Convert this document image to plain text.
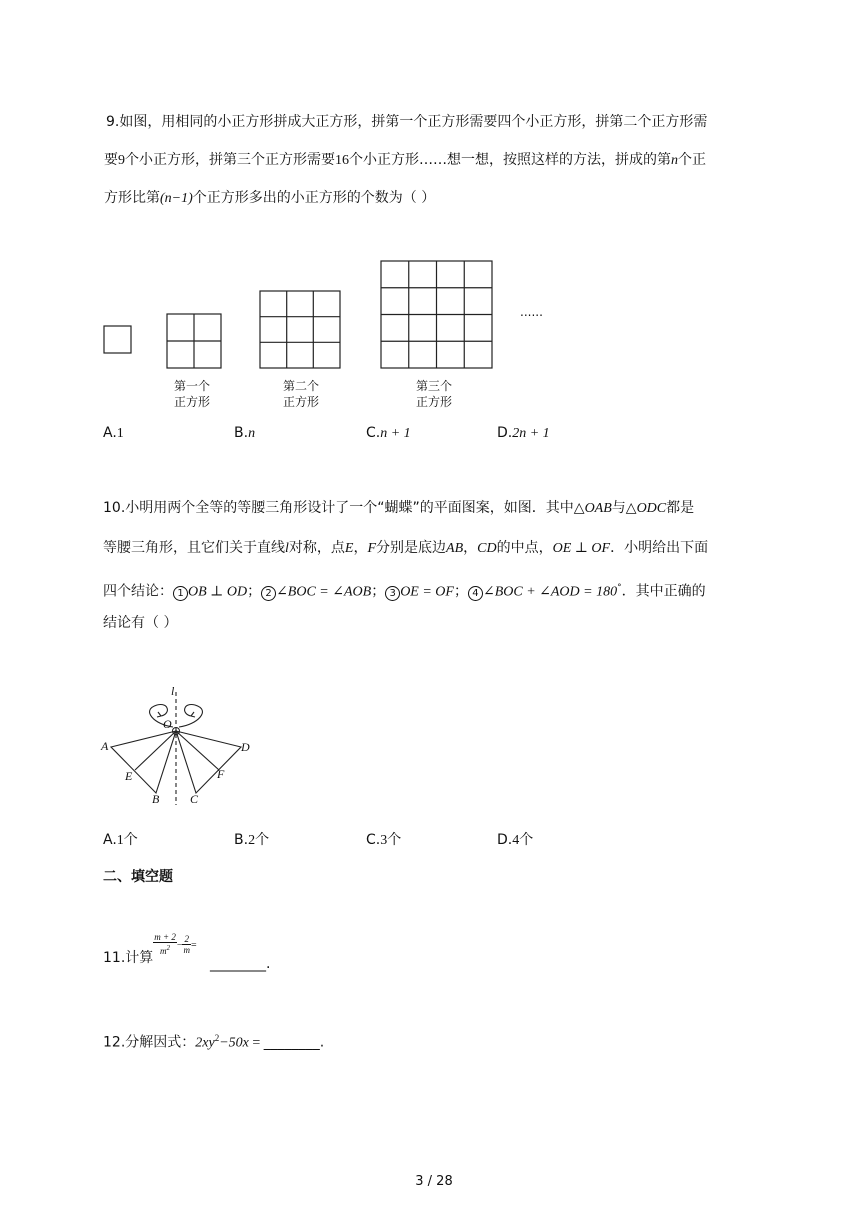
9.如图，用相同的小正方形拼成大正方形，拼第一个正方形需要四个小正方形，拼第二个正方形需
要9个小正方形，拼第三个正方形需要16个小正方形……想一想，按照这样的方法，拼成的第n个正
方形比第(n−1)个正方形多出的小正方形的个数为（ ）
......
第一个
正方形
第二个
正方形
第三个
正方形
A.1	B.n	C.n + 1	D.2n + 1
10.小明用两个全等的等腰三角形设计了一个“蝴蝶”的平面图案，如图．其中△OAB与△ODC都是
等腰三角形，且它们关于直线l对称，点E，F分别是底边AB，CD的中点，OE ⊥ OF．小明给出下面
四个结论： 1 OB ⊥ OD； 2 ∠BOC = ∠AOB； 3 OE = OF； 4 ∠BOC + ∠AOD = 180°．其中正确的
结论有（ ）
l
O
A	D
E	F
B	C
A.1个	B.2个	C.3个	D.4个
二、填空题
11.计算
$\frac{m + 2}{m^2} - \frac{2}{m}$ =
________.
12.分解因式：$2xy^2-50x$ = ________.
3 / 28
